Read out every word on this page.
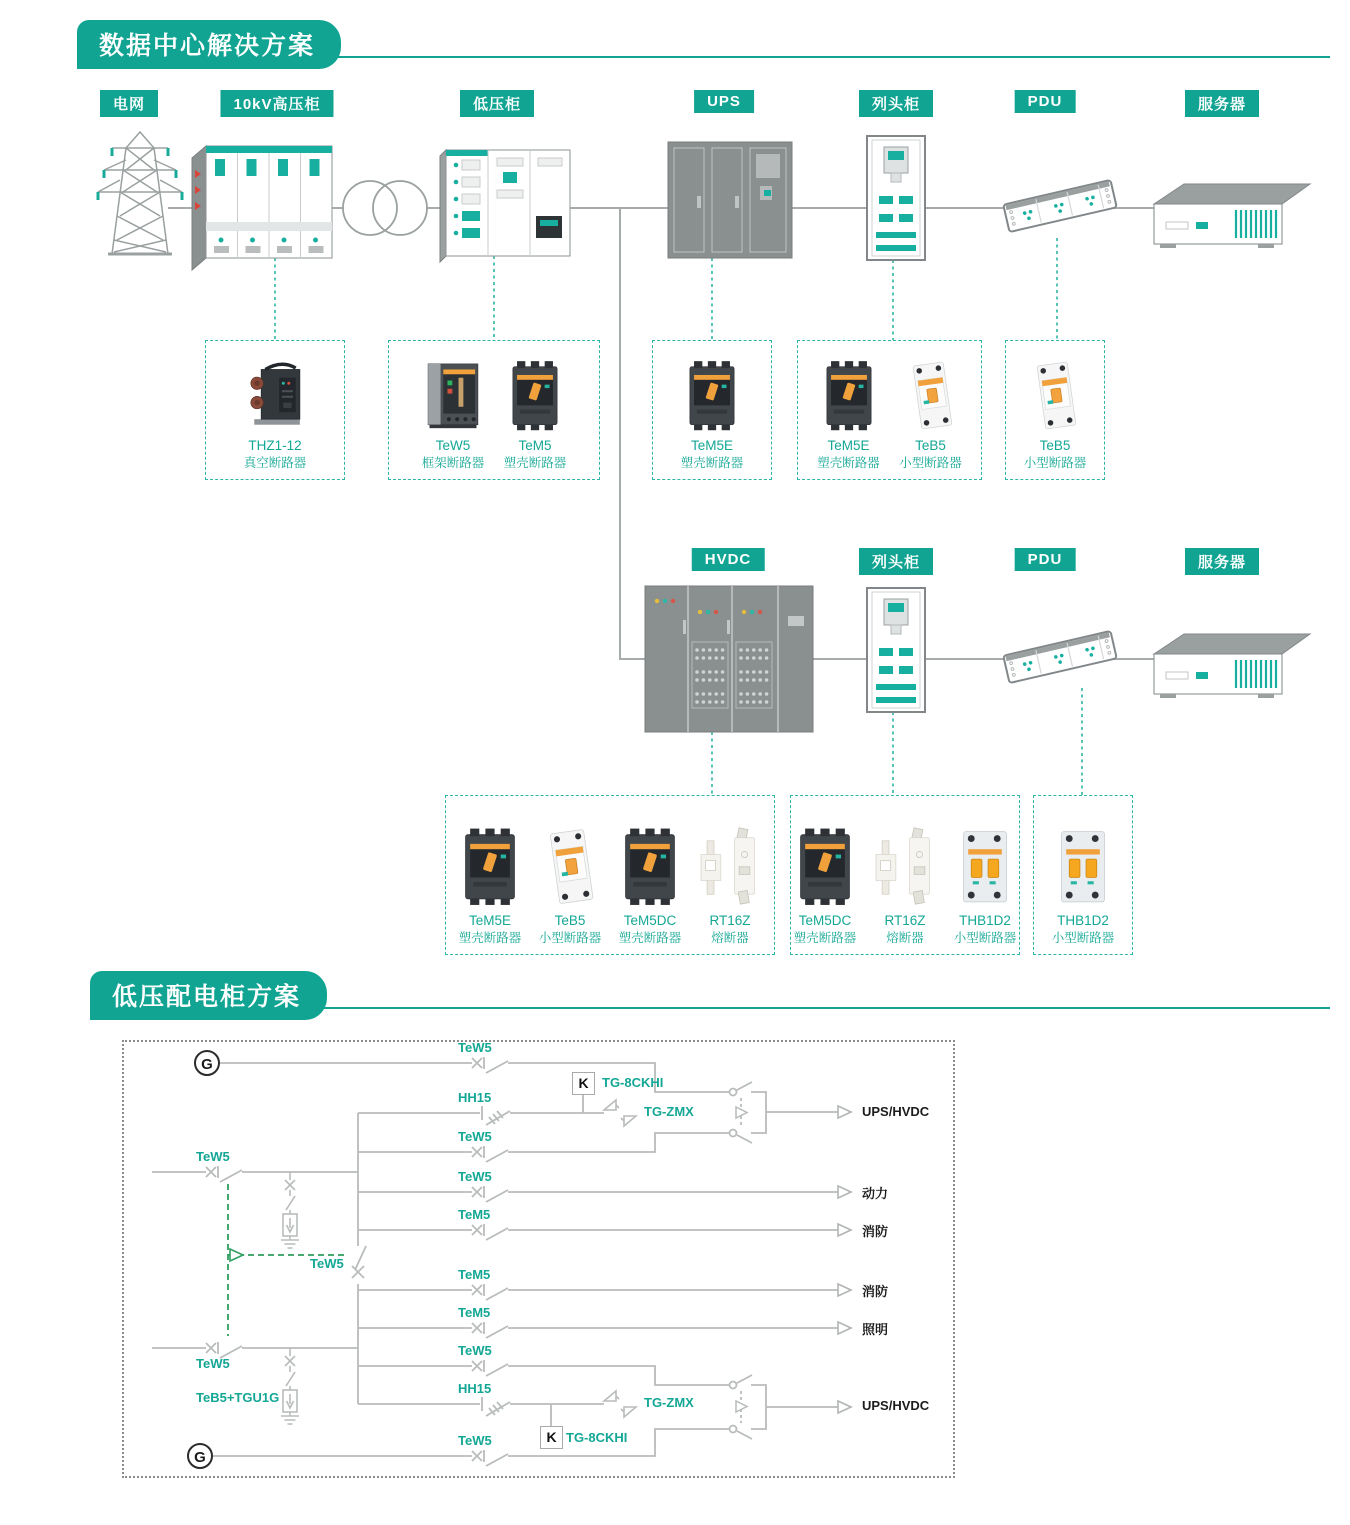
数据中心解决方案
低压配电柜方案
电网	10kV高压柜	低压柜	UPS	列头柜	PDU	服务器
HVDC	列头柜	PDU	服务器
THZ1-12
真空断路器
TeW5
框架断路器
TeM5
塑壳断路器
TeM5E
塑壳断路器
TeM5E
塑壳断路器
TeB5
小型断路器
TeB5
小型断路器
TeM5E
塑壳断路器
TeB5
小型断路器
TeM5DC
塑壳断路器
RT16Z
熔断器
TeM5DC
塑壳断路器
RT16Z
熔断器
THB1D2
小型断路器
THB1D2
小型断路器
G
G
K
K
TeW5
HH15
TG-8CKHI
TG-ZMX
TeW5
TeW5
TeW5
TeM5
TeW5
TeM5
TeM5
TeW5
TeW5
TeB5+TGU1G
HH15
TG-ZMX
TG-8CKHI
TeW5
UPS/HVDC
动力
消防
消防
照明
UPS/HVDC
